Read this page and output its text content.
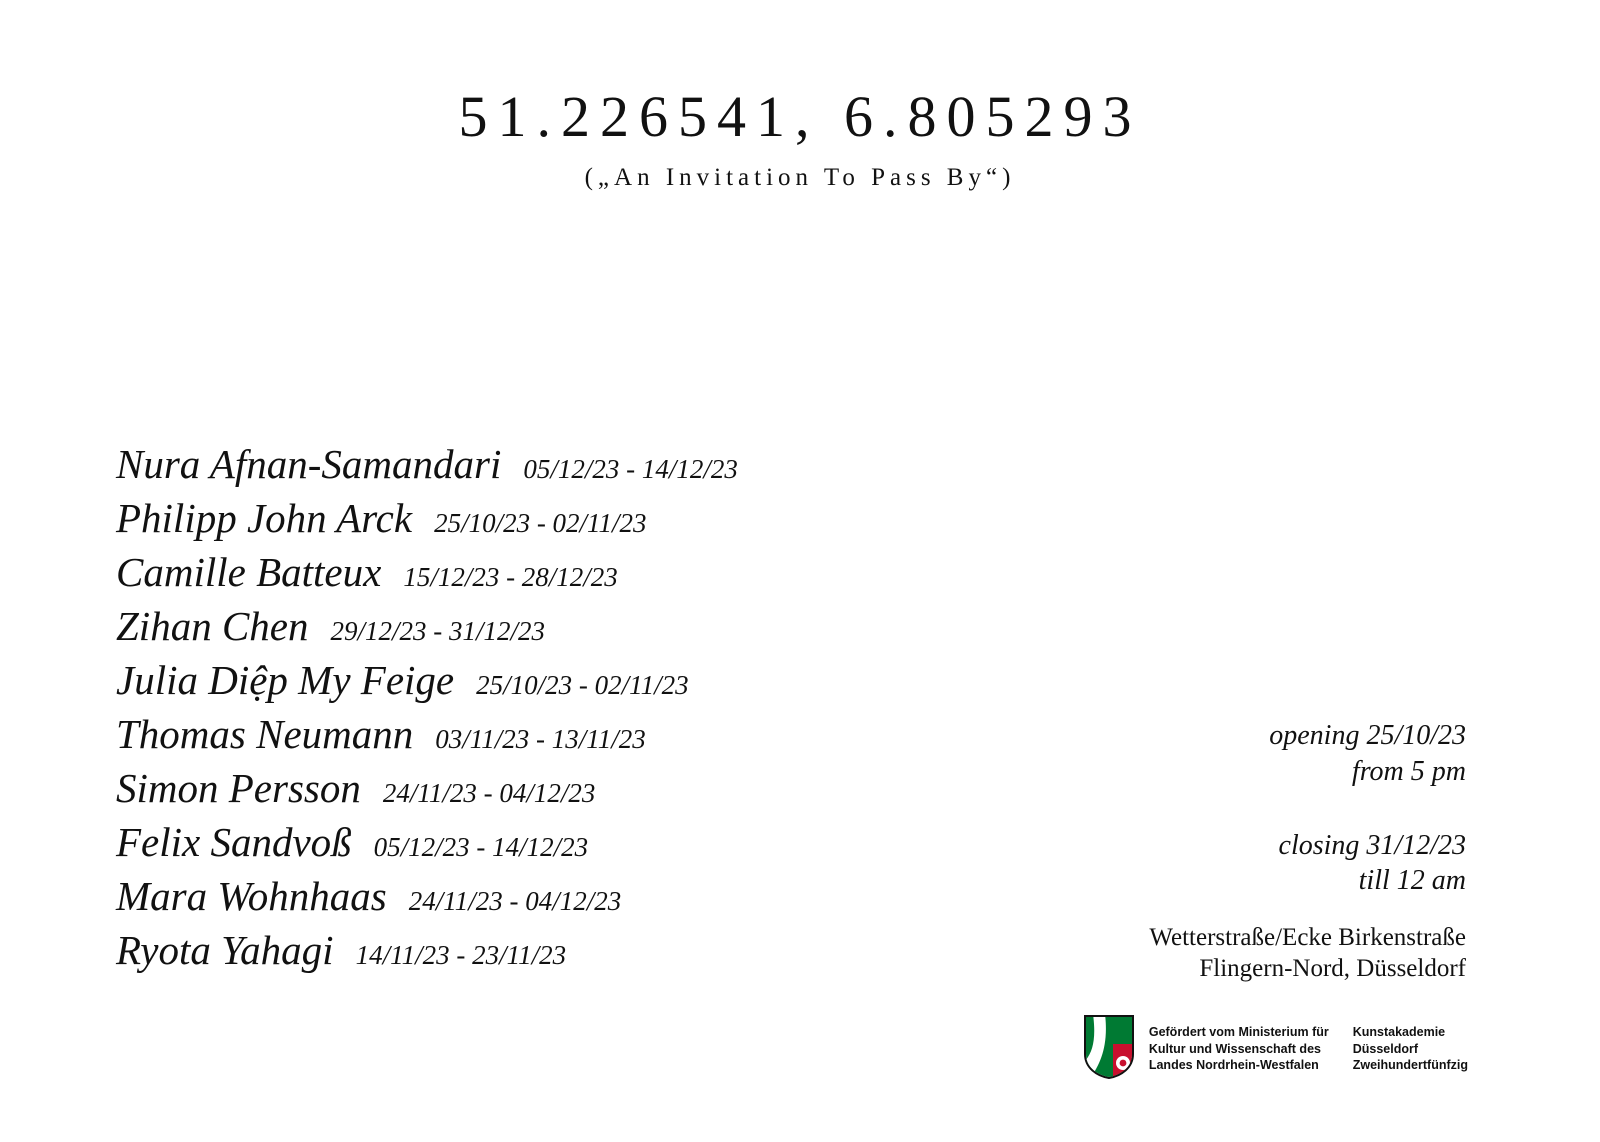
51.226541, 6.805293
(„An Invitation To Pass By“)
Nura Afnan-Samandari 05/12/23 - 14/12/23
Philipp John Arck 25/10/23 - 02/11/23
Camille Batteux 15/12/23 - 28/12/23
Zihan Chen 29/12/23 - 31/12/23
Julia Diệp My Feige 25/10/23 - 02/11/23
Thomas Neumann 03/11/23 - 13/11/23
Simon Persson 24/11/23 - 04/12/23
Felix Sandvoß 05/12/23 - 14/12/23
Mara Wohnhaas 24/11/23 - 04/12/23
Ryota Yahagi 14/11/23 - 23/11/23
opening 25/10/23
from 5 pm
closing 31/12/23
till 12 am
Wetterstraße/Ecke Birkenstraße
Flingern-Nord, Düsseldorf
Gefördert vom Ministerium für
Kultur und Wissenschaft des
Landes Nordrhein-Westfalen
Kunstakademie
Düsseldorf
Zweihundertfünfzig
